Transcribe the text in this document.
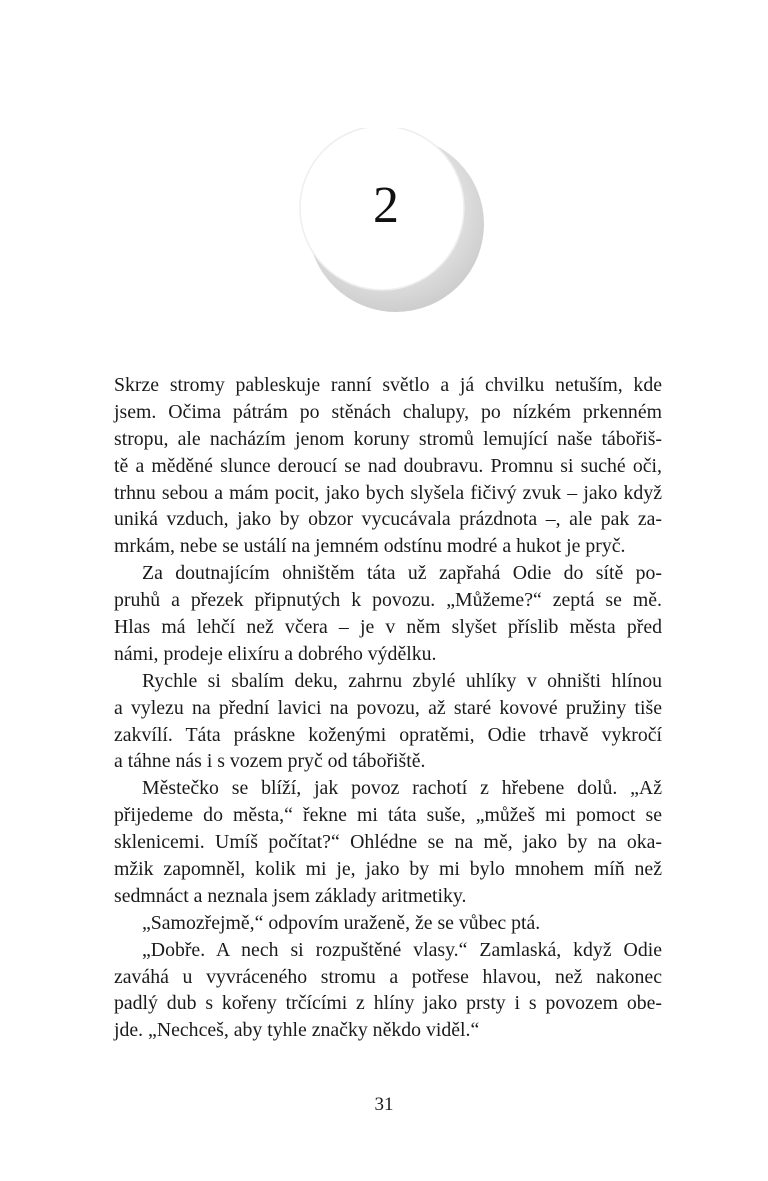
2
Skrze stromy pableskuje ranní světlo a já chvilku netuším, kde
jsem. Očima pátrám po stěnách chalupy, po nízkém prkenném
stropu, ale nacházím jenom koruny stromů lemující naše tábořiš-
tě a měděné slunce deroucí se nad doubravu. Promnu si suché oči,
trhnu sebou a mám pocit, jako bych slyšela fičivý zvuk – jako když
uniká vzduch, jako by obzor vycucávala prázdnota –, ale pak za-
mrkám, nebe se ustálí na jemném odstínu modré a hukot je pryč.
Za doutnajícím ohništěm táta už zapřahá Odie do sítě po-
pruhů a přezek připnutých k povozu. „Můžeme?“ zeptá se mě.
Hlas má lehčí než včera – je v něm slyšet příslib města před
námi, prodeje elixíru a dobrého výdělku.
Rychle si sbalím deku, zahrnu zbylé uhlíky v ohništi hlínou
a vylezu na přední lavici na povozu, až staré kovové pružiny tiše
zakvílí. Táta práskne koženými opratěmi, Odie trhavě vykročí
a táhne nás i s vozem pryč od tábořiště.
Městečko se blíží, jak povoz rachotí z hřebene dolů. „Až
přijedeme do města,“ řekne mi táta suše, „můžeš mi pomoct se
sklenicemi. Umíš počítat?“ Ohlédne se na mě, jako by na oka-
mžik zapomněl, kolik mi je, jako by mi bylo mnohem míň než
sedmnáct a neznala jsem základy aritmetiky.
„Samozřejmě,“ odpovím uraženě, že se vůbec ptá.
„Dobře. A nech si rozpuštěné vlasy.“ Zamlaská, když Odie
zaváhá u vyvráceného stromu a potřese hlavou, než nakonec
padlý dub s kořeny trčícími z hlíny jako prsty i s povozem obe-
jde. „Nechceš, aby tyhle značky někdo viděl.“
31
